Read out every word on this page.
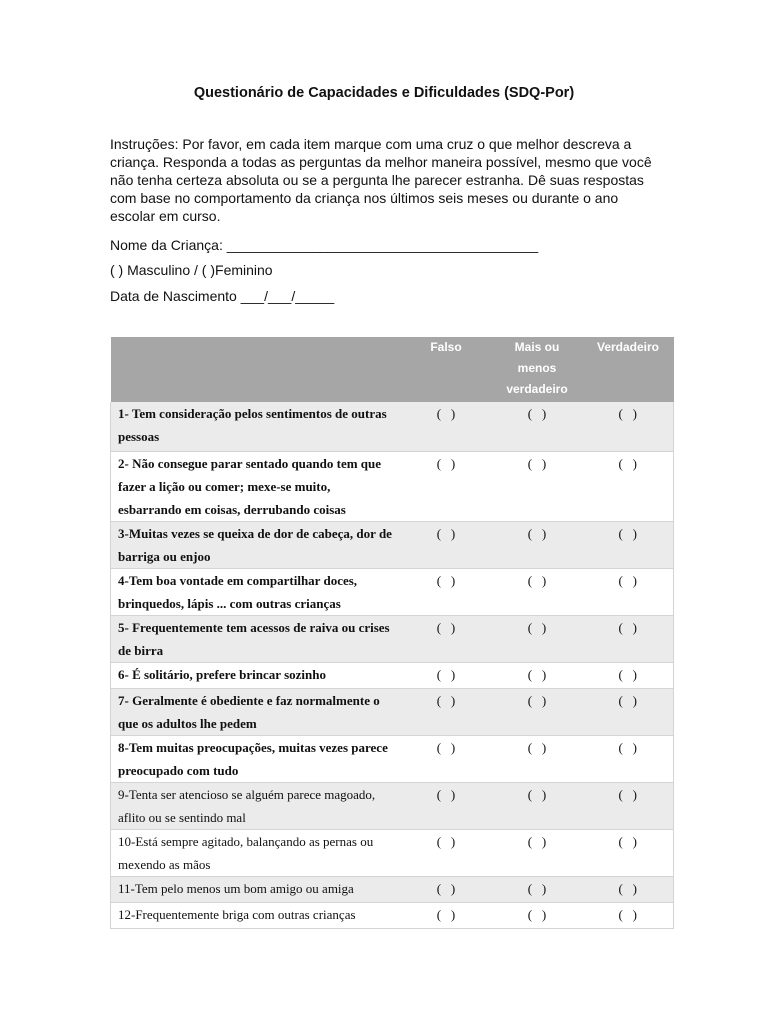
Questionário de Capacidades e Dificuldades (SDQ-Por)
Instruções: Por favor, em cada item marque com uma cruz o que melhor descreva a criança. Responda a todas as perguntas da melhor maneira possível, mesmo que você não tenha certeza absoluta ou se a pergunta lhe parecer estranha. Dê suas respostas com base no comportamento da criança nos últimos seis meses ou durante o ano escolar em curso.
Nome da Criança: ________________________________________
( ) Masculino / ( )Feminino
Data de Nascimento ___/___/_____
	Falso	Mais ou menos verdadeiro	Verdadeiro
1- Tem consideração pelos sentimentos de outras pessoas	(   )	(   )	(   )
2- Não consegue parar sentado quando tem que fazer a lição ou comer; mexe-se muito, esbarrando em coisas, derrubando coisas	(   )	(   )	(   )
3-Muitas vezes se queixa de dor de cabeça, dor de barriga ou enjoo	(   )	(   )	(   )
4-Tem boa vontade em compartilhar doces, brinquedos, lápis ... com outras crianças	(   )	(   )	(   )
5- Frequentemente tem acessos de raiva ou crises de birra	(   )	(   )	(   )
6- É solitário, prefere brincar sozinho	(   )	(   )	(   )
7- Geralmente é obediente e faz normalmente o que os adultos lhe pedem	(   )	(   )	(   )
8-Tem muitas preocupações, muitas vezes parece preocupado com tudo	(   )	(   )	(   )
9-Tenta ser atencioso se alguém parece magoado, aflito ou se sentindo mal	(   )	(   )	(   )
10-Está sempre agitado, balançando as pernas ou mexendo as mãos	(   )	(   )	(   )
11-Tem pelo menos um bom amigo ou amiga	(   )	(   )	(   )
12-Frequentemente briga com outras crianças	(   )	(   )	(   )
